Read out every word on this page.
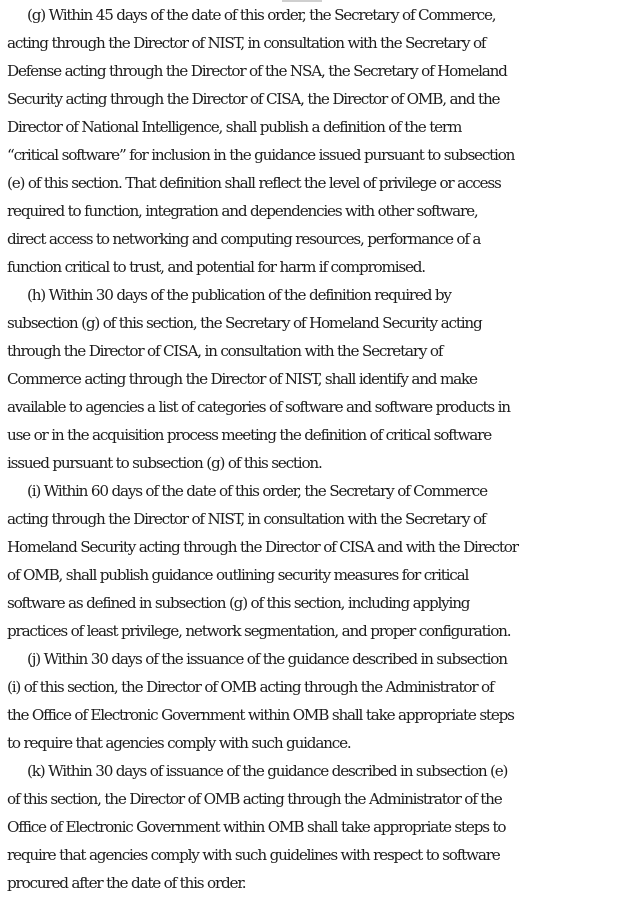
(g) Within 45 days of the date of this order, the Secretary of Commerce,
acting through the Director of NIST, in consultation with the Secretary of
Defense acting through the Director of the NSA, the Secretary of Homeland
Security acting through the Director of CISA, the Director of OMB, and the
Director of National Intelligence, shall publish a definition of the term
“critical software” for inclusion in the guidance issued pursuant to subsection
(e) of this section. That definition shall reflect the level of privilege or access
required to function, integration and dependencies with other software,
direct access to networking and computing resources, performance of a
function critical to trust, and potential for harm if compromised.
(h) Within 30 days of the publication of the definition required by
subsection (g) of this section, the Secretary of Homeland Security acting
through the Director of CISA, in consultation with the Secretary of
Commerce acting through the Director of NIST, shall identify and make
available to agencies a list of categories of software and software products in
use or in the acquisition process meeting the definition of critical software
issued pursuant to subsection (g) of this section.
(i) Within 60 days of the date of this order, the Secretary of Commerce
acting through the Director of NIST, in consultation with the Secretary of
Homeland Security acting through the Director of CISA and with the Director
of OMB, shall publish guidance outlining security measures for critical
software as defined in subsection (g) of this section, including applying
practices of least privilege, network segmentation, and proper configuration.
(j) Within 30 days of the issuance of the guidance described in subsection
(i) of this section, the Director of OMB acting through the Administrator of
the Office of Electronic Government within OMB shall take appropriate steps
to require that agencies comply with such guidance.
(k) Within 30 days of issuance of the guidance described in subsection (e)
of this section, the Director of OMB acting through the Administrator of the
Office of Electronic Government within OMB shall take appropriate steps to
require that agencies comply with such guidelines with respect to software
procured after the date of this order.
